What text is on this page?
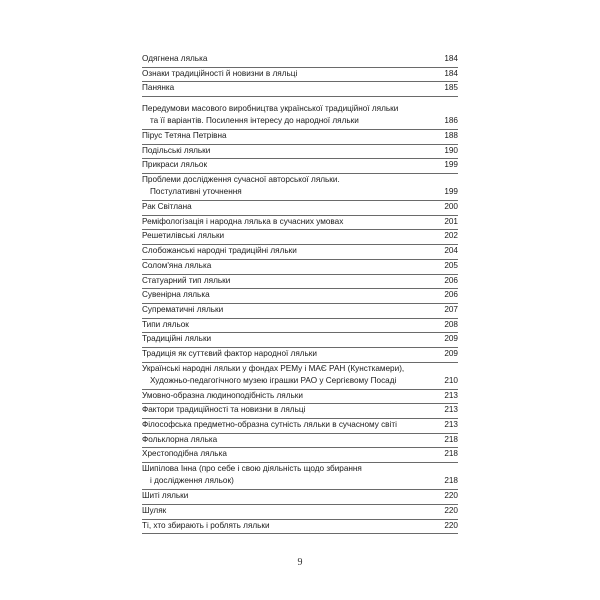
Одягнена лялька	184
Ознаки традиційності й новизни в ляльці	184
Панянка	185
Передумови масового виробництва української традиційної ляльки
та її варіантів. Посилення інтересу до народної ляльки	186
Пірус Тетяна Петрівна	188
Подільські ляльки	190
Прикраси ляльок	199
Проблеми дослідження сучасної авторської ляльки.
Постулативні уточнення	199
Рак Світлана	200
Реміфологізація і народна лялька в сучасних умовах	201
Решетилівські ляльки	202
Слобожанські народні традиційні ляльки	204
Солом'яна лялька	205
Статуарний тип ляльки	206
Сувенірна лялька	206
Супрематичні ляльки	207
Типи ляльок	208
Традиційні ляльки	209
Традиція як суттєвий фактор народної ляльки	209
Українські народні ляльки у фондах РЕМу і МАЄ РАН (Кунсткамери),
Художньо-педагогічного музею іграшки РАО у Сергієвому Посаді	210
Умовно-образна людиноподібність ляльки	213
Фактори традиційності та новизни в ляльці	213
Філософська предметно-образна сутність ляльки в сучасному світі	213
Фольклорна лялька	218
Хрестоподібна лялька	218
Шипілова Інна (про себе і свою діяльність щодо збирання
і дослідження ляльок)	218
Шиті ляльки	220
Шуляк	220
Ті, хто збирають і роблять ляльки	220
9
